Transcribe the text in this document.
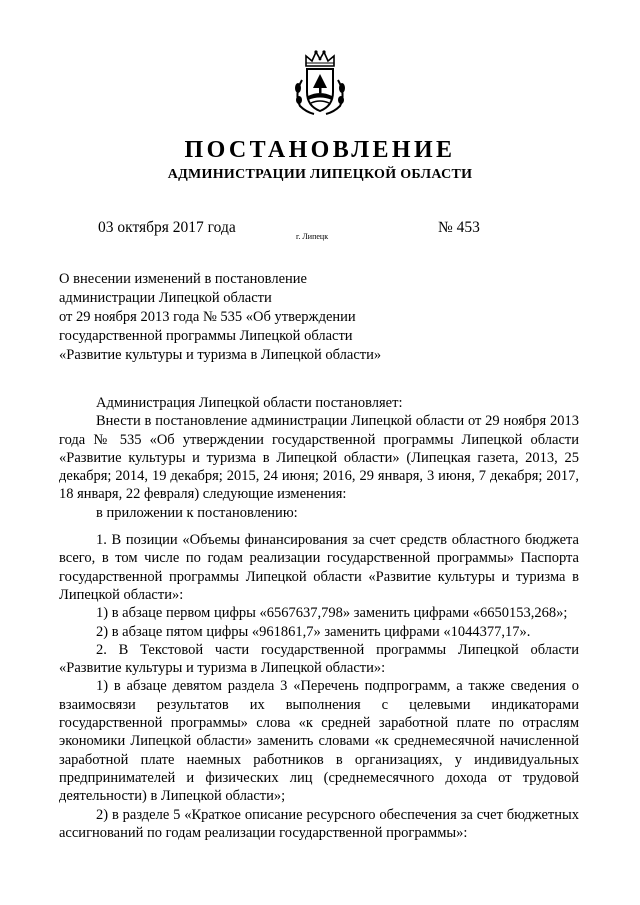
ПОСТАНОВЛЕНИЕ
АДМИНИСТРАЦИИ ЛИПЕЦКОЙ ОБЛАСТИ
03 октября 2017 года
г. Липецк
№ 453
О внесении изменений в постановление
администрации Липецкой области
от 29 ноября 2013 года № 535 «Об утверждении
государственной программы Липецкой области
«Развитие культуры и туризма в Липецкой области»

Администрация Липецкой области постановляет:

Внести в постановление администрации Липецкой области от 29 ноября 2013 года № 535 «Об утверждении государственной программы Липецкой области «Развитие культуры и туризма в Липецкой области» (Липецкая газета, 2013, 25 декабря; 2014, 19 декабря; 2015, 24 июня; 2016, 29 января, 3 июня, 7 декабря; 2017, 18 января, 22 февраля) следующие изменения:

в приложении к постановлению:

1. В позиции «Объемы финансирования за счет средств областного бюджета всего, в том числе по годам реализации государственной программы» Паспорта государственной программы Липецкой области «Развитие культуры и туризма в Липецкой области»:

1) в абзаце первом цифры «6567637,798» заменить цифрами «6650153,268»;

2) в абзаце пятом цифры «961861,7» заменить цифрами «1044377,17».

2. В Текстовой части государственной программы Липецкой области «Развитие культуры и туризма в Липецкой области»:

1) в абзаце девятом раздела 3 «Перечень подпрограмм, а также сведения о взаимосвязи результатов их выполнения с целевыми индикаторами государственной программы» слова «к средней заработной плате по отраслям экономики Липецкой области» заменить словами «к среднемесячной начисленной заработной плате наемных работников в организациях, у индивидуальных предпринимателей и физических лиц (среднемесячного дохода от трудовой деятельности) в Липецкой области»;

2) в разделе 5 «Краткое описание ресурсного обеспечения за счет бюджетных ассигнований по годам реализации государственной программы»:
